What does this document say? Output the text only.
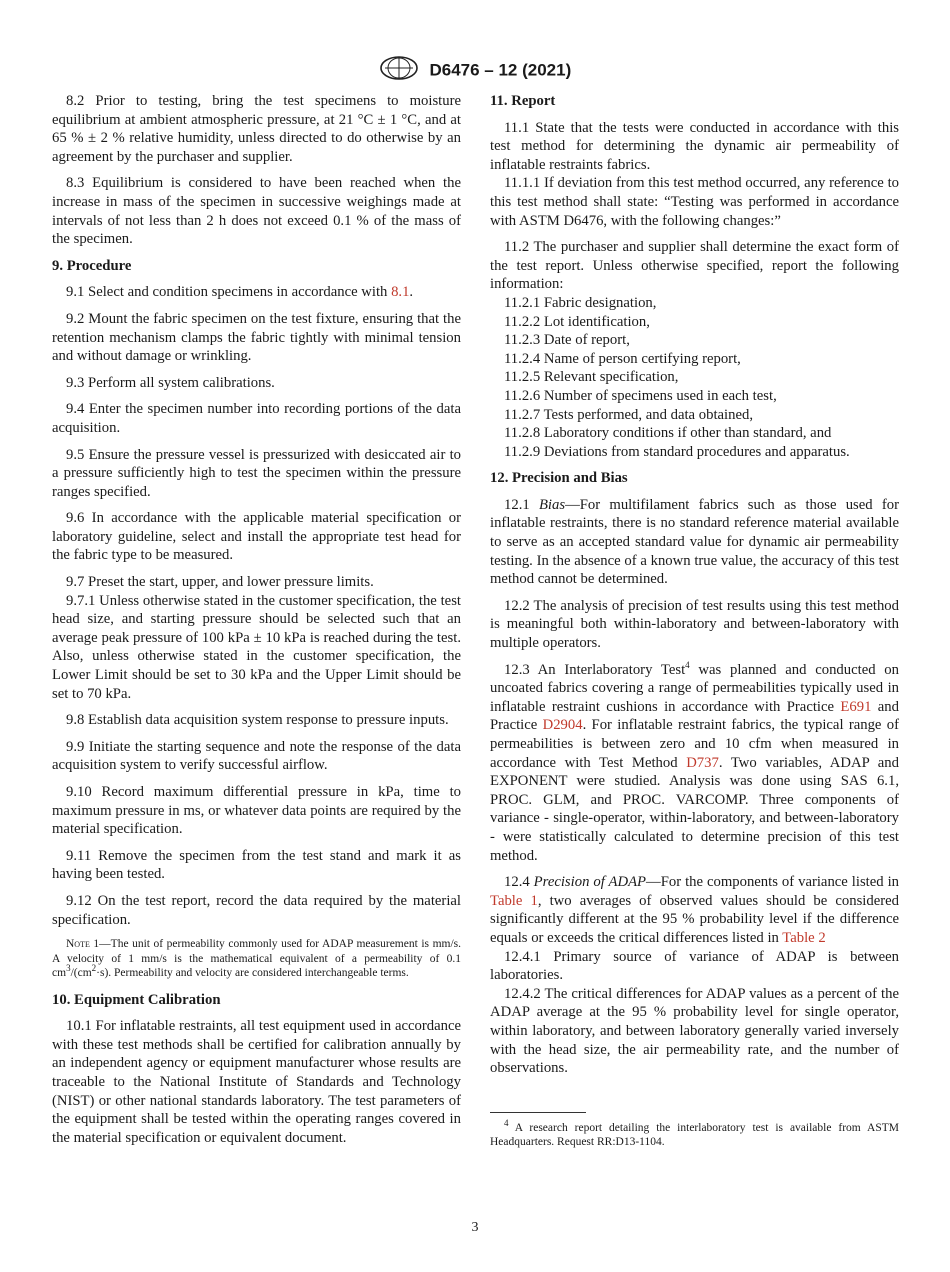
D6476 – 12 (2021)

8.2 Prior to testing, bring the test specimens to moisture equilibrium at ambient atmospheric pressure, at 21 °C ± 1 °C, and at 65 % ± 2 % relative humidity, unless directed to do otherwise by an agreement by the purchaser and supplier.

8.3 Equilibrium is considered to have been reached when the increase in mass of the specimen in successive weighings made at intervals of not less than 2 h does not exceed 0.1 % of the mass of the specimen.

9. Procedure

9.1 Select and condition specimens in accordance with 8.1.

9.2 Mount the fabric specimen on the test fixture, ensuring that the retention mechanism clamps the fabric tightly with minimal tension and without damage or wrinkling.

9.3 Perform all system calibrations.

9.4 Enter the specimen number into recording portions of the data acquisition.

9.5 Ensure the pressure vessel is pressurized with desiccated air to a pressure sufficiently high to test the specimen within the pressure ranges specified.

9.6 In accordance with the applicable material specification or laboratory guideline, select and install the appropriate test head for the fabric type to be measured.

9.7 Preset the start, upper, and lower pressure limits.

9.7.1 Unless otherwise stated in the customer specification, the test head size, and starting pressure should be selected such that an average peak pressure of 100 kPa ± 10 kPa is reached during the test. Also, unless otherwise stated in the customer specification, the Lower Limit should be set to 30 kPa and the Upper Limit should be set to 70 kPa.

9.8 Establish data acquisition system response to pressure inputs.

9.9 Initiate the starting sequence and note the response of the data acquisition system to verify successful airflow.

9.10 Record maximum differential pressure in kPa, time to maximum pressure in ms, or whatever data points are required by the material specification.

9.11 Remove the specimen from the test stand and mark it as having been tested.

9.12 On the test report, record the data required by the material specification.

Note 1—The unit of permeability commonly used for ADAP measurement is mm/s. A velocity of 1 mm/s is the mathematical equivalent of a permeability of 0.1 $cm^3/(cm^2\cdot s)$. Permeability and velocity are considered interchangeable terms.

10. Equipment Calibration

10.1 For inflatable restraints, all test equipment used in accordance with these test methods shall be certified for calibration annually by an independent agency or equipment manufacturer whose results are traceable to the National Institute of Standards and Technology (NIST) or other national standards laboratory. The test parameters of the equipment shall be tested within the operating ranges covered in the material specification or equivalent document.

11. Report

11.1 State that the tests were conducted in accordance with this test method for determining the dynamic air permeability of inflatable restraints fabrics.

11.1.1 If deviation from this test method occurred, any reference to this test method shall state: “Testing was performed in accordance with ASTM D6476, with the following changes:”

11.2 The purchaser and supplier shall determine the exact form of the test report. Unless otherwise specified, report the following information:

11.2.1 Fabric designation,

11.2.2 Lot identification,

11.2.3 Date of report,

11.2.4 Name of person certifying report,

11.2.5 Relevant specification,

11.2.6 Number of specimens used in each test,

11.2.7 Tests performed, and data obtained,

11.2.8 Laboratory conditions if other than standard, and

11.2.9 Deviations from standard procedures and apparatus.

12. Precision and Bias

12.1 Bias—For multifilament fabrics such as those used for inflatable restraints, there is no standard reference material available to serve as an accepted standard value for dynamic air permeability testing. In the absence of a known true value, the accuracy of this test method cannot be determined.

12.2 The analysis of precision of test results using this test method is meaningful both within-laboratory and between-laboratory with multiple operators.

12.3 An Interlaboratory Test$^4$ was planned and conducted on uncoated fabrics covering a range of permeabilities typically used in inflatable restraint cushions in accordance with Practice E691 and Practice D2904. For inflatable restraint fabrics, the typical range of permeabilities is between zero and 10 cfm when measured in accordance with Test Method D737. Two variables, ADAP and EXPONENT were studied. Analysis was done using SAS 6.1, PROC. GLM, and PROC. VARCOMP. Three components of variance - single-operator, within-laboratory, and between-laboratory - were statistically calculated to determine precision of this test method.

12.4 Precision of ADAP—For the components of variance listed in Table 1, two averages of observed values should be considered significantly different at the 95 % probability level if the difference equals or exceeds the critical differences listed in Table 2

12.4.1 Primary source of variance of ADAP is between laboratories.

12.4.2 The critical differences for ADAP values as a percent of the ADAP average at the 95 % probability level for single operator, within laboratory, and between laboratory generally varied inversely with the head size, the air permeability rate, and the number of observations.

$^4$ A research report detailing the interlaboratory test is available from ASTM Headquarters. Request RR:D13-1104.

3
